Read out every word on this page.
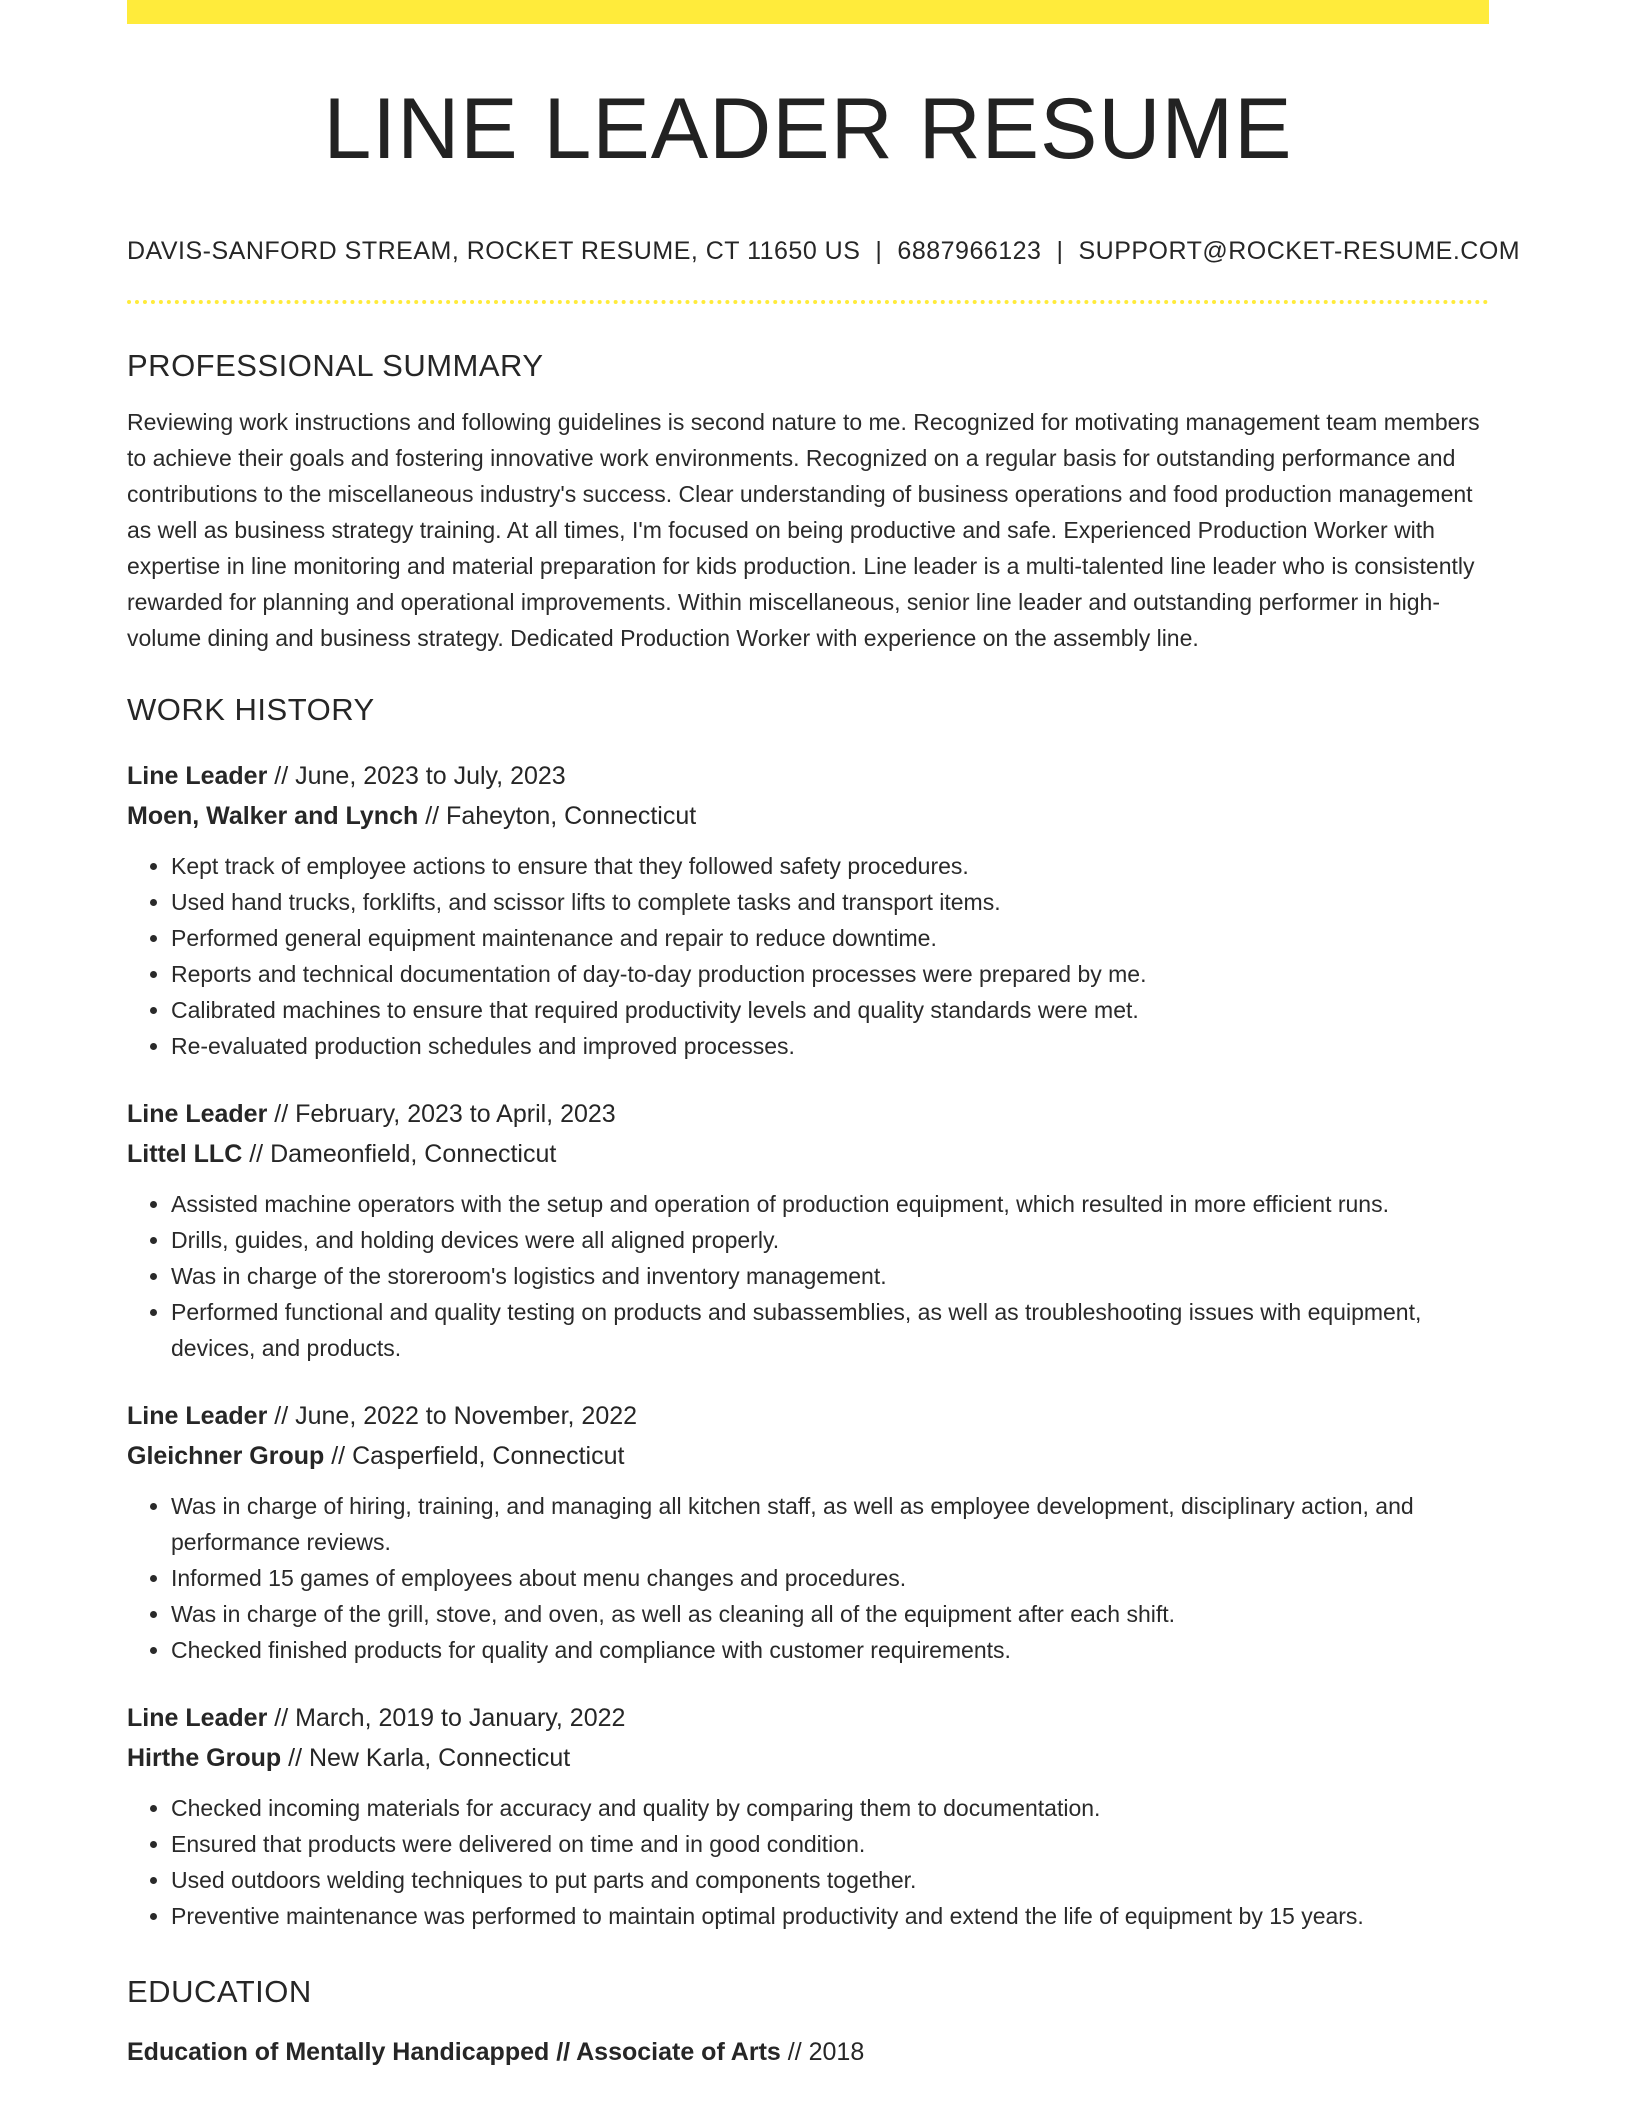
LINE LEADER RESUME
DAVIS-SANFORD STREAM, ROCKET RESUME, CT 11650 US | 6887966123 | SUPPORT@ROCKET-RESUME.COM
PROFESSIONAL SUMMARY
Reviewing work instructions and following guidelines is second nature to me. Recognized for motivating management team members to achieve their goals and fostering innovative work environments. Recognized on a regular basis for outstanding performance and contributions to the miscellaneous industry's success. Clear understanding of business operations and food production management as well as business strategy training. At all times, I'm focused on being productive and safe. Experienced Production Worker with expertise in line monitoring and material preparation for kids production. Line leader is a multi-talented line leader who is consistently rewarded for planning and operational improvements. Within miscellaneous, senior line leader and outstanding performer in high-volume dining and business strategy. Dedicated Production Worker with experience on the assembly line.
WORK HISTORY
Line Leader // June, 2023 to July, 2023
Moen, Walker and Lynch // Faheyton, Connecticut
• Kept track of employee actions to ensure that they followed safety procedures.
• Used hand trucks, forklifts, and scissor lifts to complete tasks and transport items.
• Performed general equipment maintenance and repair to reduce downtime.
• Reports and technical documentation of day-to-day production processes were prepared by me.
• Calibrated machines to ensure that required productivity levels and quality standards were met.
• Re-evaluated production schedules and improved processes.
Line Leader // February, 2023 to April, 2023
Littel LLC // Dameonfield, Connecticut
• Assisted machine operators with the setup and operation of production equipment, which resulted in more efficient runs.
• Drills, guides, and holding devices were all aligned properly.
• Was in charge of the storeroom's logistics and inventory management.
• Performed functional and quality testing on products and subassemblies, as well as troubleshooting issues with equipment, devices, and products.
Line Leader // June, 2022 to November, 2022
Gleichner Group // Casperfield, Connecticut
• Was in charge of hiring, training, and managing all kitchen staff, as well as employee development, disciplinary action, and performance reviews.
• Informed 15 games of employees about menu changes and procedures.
• Was in charge of the grill, stove, and oven, as well as cleaning all of the equipment after each shift.
• Checked finished products for quality and compliance with customer requirements.
Line Leader // March, 2019 to January, 2022
Hirthe Group // New Karla, Connecticut
• Checked incoming materials for accuracy and quality by comparing them to documentation.
• Ensured that products were delivered on time and in good condition.
• Used outdoors welding techniques to put parts and components together.
• Preventive maintenance was performed to maintain optimal productivity and extend the life of equipment by 15 years.
EDUCATION
Education of Mentally Handicapped // Associate of Arts // 2018
